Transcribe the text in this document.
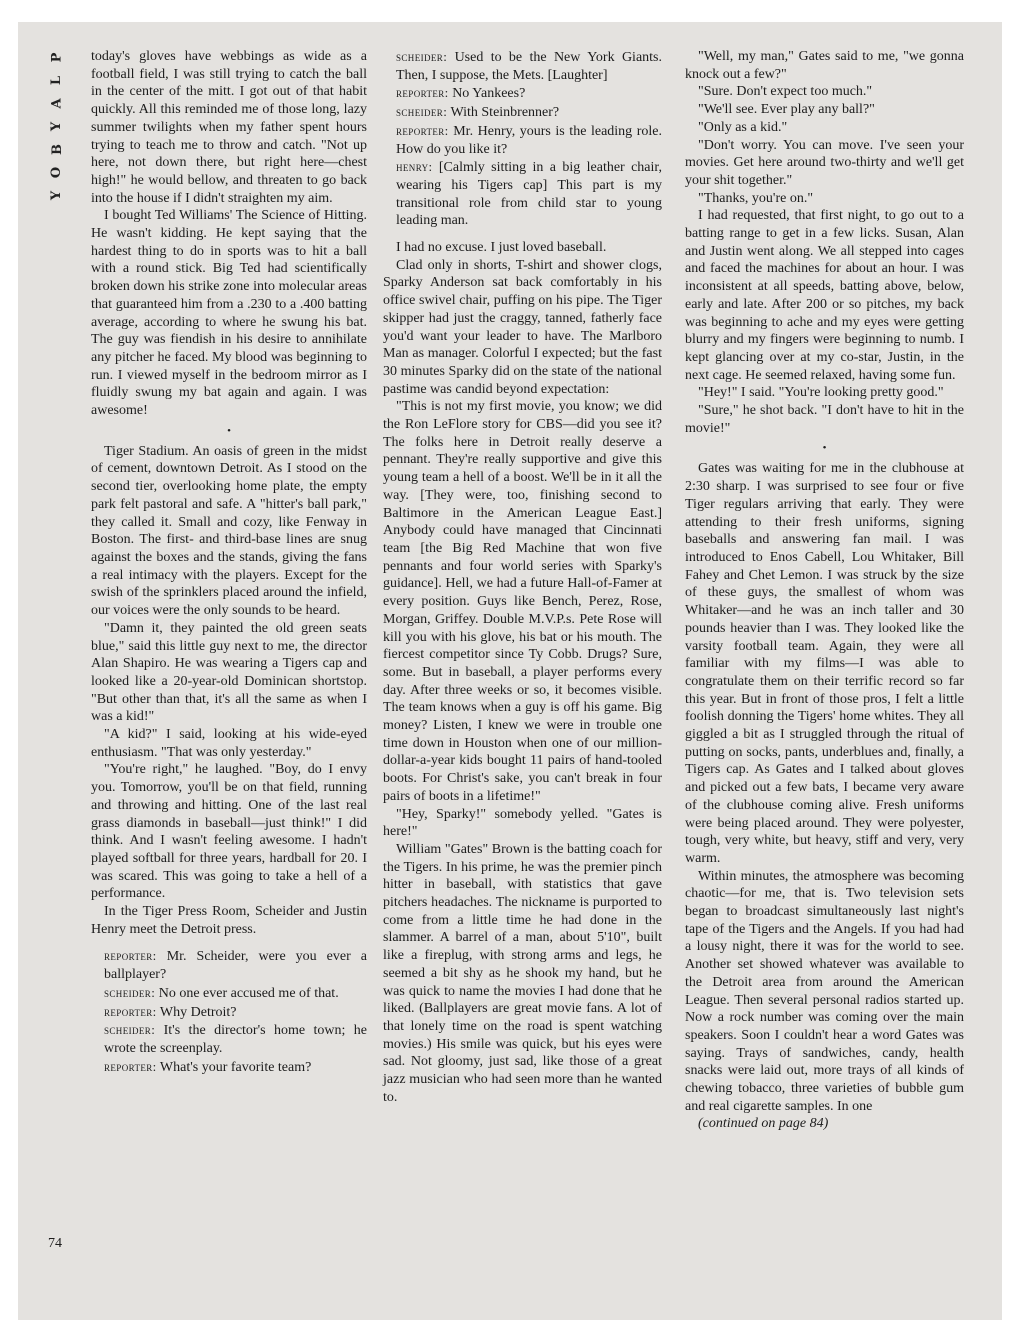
P
L
A
Y
B
O
Y

today's gloves have webbings as wide as a football field, I was still trying to catch the ball in the center of the mitt. I got out of that habit quickly. All this reminded me of those long, lazy summer twilights when my father spent hours trying to teach me to throw and catch. "Not up here, not down there, but right here—chest high!" he would bellow, and threaten to go back into the house if I didn't straighten my aim.

I bought Ted Williams' The Science of Hitting. He wasn't kidding. He kept saying that the hardest thing to do in sports was to hit a ball with a round stick. Big Ted had scientifically broken down his strike zone into molecular areas that guaranteed him from a .230 to a .400 batting average, according to where he swung his bat. The guy was fiendish in his desire to annihilate any pitcher he faced. My blood was beginning to run. I viewed myself in the bedroom mirror as I fluidly swung my bat again and again. I was awesome!

•

Tiger Stadium. An oasis of green in the midst of cement, downtown Detroit. As I stood on the second tier, overlooking home plate, the empty park felt pastoral and safe. A "hitter's ball park," they called it. Small and cozy, like Fenway in Boston. The first- and third-base lines are snug against the boxes and the stands, giving the fans a real intimacy with the players. Except for the swish of the sprinklers placed around the infield, our voices were the only sounds to be heard.

"Damn it, they painted the old green seats blue," said this little guy next to me, the director Alan Shapiro. He was wearing a Tigers cap and looked like a 20-year-old Dominican shortstop. "But other than that, it's all the same as when I was a kid!"

"A kid?" I said, looking at his wide-eyed enthusiasm. "That was only yesterday."

"You're right," he laughed. "Boy, do I envy you. Tomorrow, you'll be on that field, running and throwing and hitting. One of the last real grass diamonds in baseball—just think!" I did think. And I wasn't feeling awesome. I hadn't played softball for three years, hardball for 20. I was scared. This was going to take a hell of a performance.

In the Tiger Press Room, Scheider and Justin Henry meet the Detroit press.

reporter: Mr. Scheider, were you ever a ballplayer?

scheider: No one ever accused me of that.

reporter: Why Detroit?

scheider: It's the director's home town; he wrote the screenplay.

reporter: What's your favorite team?

scheider: Used to be the New York Giants. Then, I suppose, the Mets. [Laughter]

reporter: No Yankees?

scheider: With Steinbrenner?

reporter: Mr. Henry, yours is the leading role. How do you like it?

henry: [Calmly sitting in a big leather chair, wearing his Tigers cap] This part is my transitional role from child star to young leading man.

I had no excuse. I just loved baseball.

Clad only in shorts, T-shirt and shower clogs, Sparky Anderson sat back comfortably in his office swivel chair, puffing on his pipe. The Tiger skipper had just the craggy, tanned, fatherly face you'd want your leader to have. The Marlboro Man as manager. Colorful I expected; but the fast 30 minutes Sparky did on the state of the national pastime was candid beyond expectation:

"This is not my first movie, you know; we did the Ron LeFlore story for CBS—did you see it? The folks here in Detroit really deserve a pennant. They're really supportive and give this young team a hell of a boost. We'll be in it all the way. [They were, too, finishing second to Baltimore in the American League East.] Anybody could have managed that Cincinnati team [the Big Red Machine that won five pennants and four world series with Sparky's guidance]. Hell, we had a future Hall-of-Famer at every position. Guys like Bench, Perez, Rose, Morgan, Griffey. Double M.V.P.s. Pete Rose will kill you with his glove, his bat or his mouth. The fiercest competitor since Ty Cobb. Drugs? Sure, some. But in baseball, a player performs every day. After three weeks or so, it becomes visible. The team knows when a guy is off his game. Big money? Listen, I knew we were in trouble one time down in Houston when one of our million-dollar-a-year kids bought 11 pairs of hand-tooled boots. For Christ's sake, you can't break in four pairs of boots in a lifetime!"

"Hey, Sparky!" somebody yelled. "Gates is here!"

William "Gates" Brown is the batting coach for the Tigers. In his prime, he was the premier pinch hitter in baseball, with statistics that gave pitchers headaches. The nickname is purported to come from a little time he had done in the slammer. A barrel of a man, about 5'10", built like a fireplug, with strong arms and legs, he seemed a bit shy as he shook my hand, but he was quick to name the movies I had done that he liked. (Ballplayers are great movie fans. A lot of that lonely time on the road is spent watching movies.) His smile was quick, but his eyes were sad. Not gloomy, just sad, like those of a great jazz musician who had seen more than he wanted to.

"Well, my man," Gates said to me, "we gonna knock out a few?"

"Sure. Don't expect too much."

"We'll see. Ever play any ball?"

"Only as a kid."

"Don't worry. You can move. I've seen your movies. Get here around two-thirty and we'll get your shit together."

"Thanks, you're on."

I had requested, that first night, to go out to a batting range to get in a few licks. Susan, Alan and Justin went along. We all stepped into cages and faced the machines for about an hour. I was inconsistent at all speeds, batting above, below, early and late. After 200 or so pitches, my back was beginning to ache and my eyes were getting blurry and my fingers were beginning to numb. I kept glancing over at my co-star, Justin, in the next cage. He seemed relaxed, having some fun.

"Hey!" I said. "You're looking pretty good."

"Sure," he shot back. "I don't have to hit in the movie!"

•

Gates was waiting for me in the clubhouse at 2:30 sharp. I was surprised to see four or five Tiger regulars arriving that early. They were attending to their fresh uniforms, signing baseballs and answering fan mail. I was introduced to Enos Cabell, Lou Whitaker, Bill Fahey and Chet Lemon. I was struck by the size of these guys, the smallest of whom was Whitaker—and he was an inch taller and 30 pounds heavier than I was. They looked like the varsity football team. Again, they were all familiar with my films—I was able to congratulate them on their terrific record so far this year. But in front of those pros, I felt a little foolish donning the Tigers' home whites. They all giggled a bit as I struggled through the ritual of putting on socks, pants, underblues and, finally, a Tigers cap. As Gates and I talked about gloves and picked out a few bats, I became very aware of the clubhouse coming alive. Fresh uniforms were being placed around. They were polyester, tough, very white, but heavy, stiff and very, very warm.

Within minutes, the atmosphere was becoming chaotic—for me, that is. Two television sets began to broadcast simultaneously last night's tape of the Tigers and the Angels. If you had had a lousy night, there it was for the world to see. Another set showed whatever was available to the Detroit area from around the American League. Then several personal radios started up. Now a rock number was coming over the main speakers. Soon I couldn't hear a word Gates was saying. Trays of sandwiches, candy, health snacks were laid out, more trays of all kinds of chewing tobacco, three varieties of bubble gum and real cigarette samples. In one

(continued on page 84)

74
